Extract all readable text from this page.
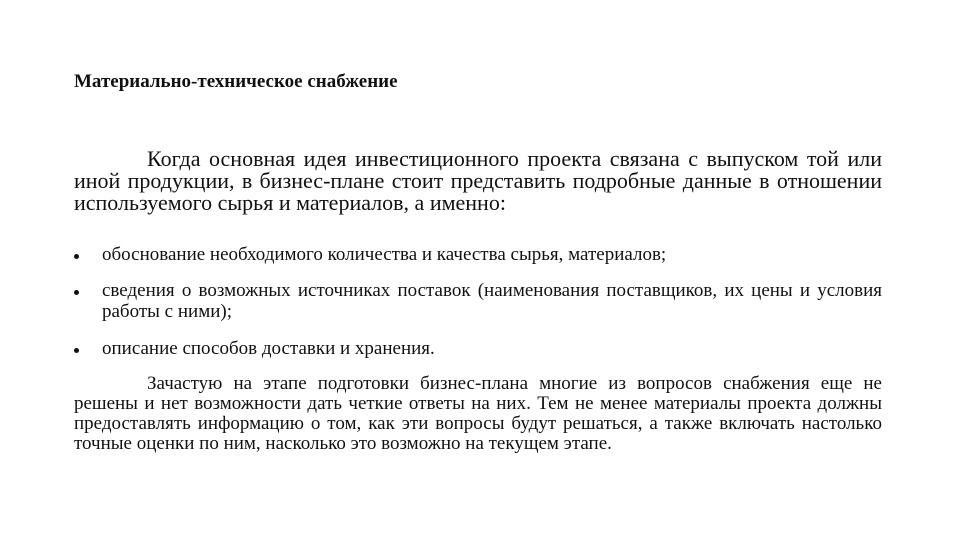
Материально-техническое снабжение

Когда основная идея инвестиционного проекта связана с выпуском той или иной продукции, в бизнес-плане стоит представить подробные данные в отношении используемого сырья и материалов, а именно:

обоснование необходимого количества и качества сырья, материалов;
сведения о возможных источниках поставок (наименования поставщиков, их цены и условия работы с ними);
описание способов доставки и хранения.

Зачастую на этапе подготовки бизнес-плана многие из вопросов снабжения еще не решены и нет возможности дать четкие ответы на них. Тем не менее материалы проекта должны предоставлять информацию о том, как эти вопросы будут решаться, а также включать настолько точные оценки по ним, насколько это возможно на текущем этапе.
